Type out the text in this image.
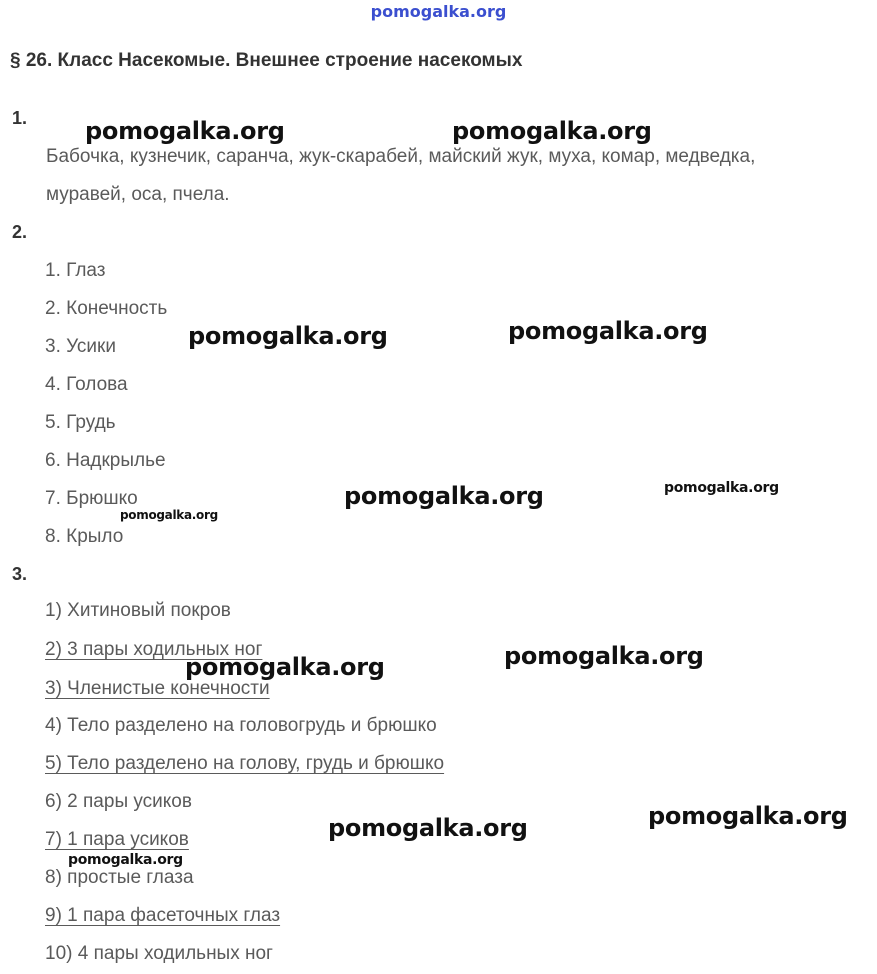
pomogalka.org
§ 26. Класс Насекомые. Внешнее строение насекомых
1.
Бабочка, кузнечик, саранча, жук-скарабей, майский жук, муха, комар, медведка,
муравей, оса, пчела.
2.
1. Глаз
2. Конечность
3. Усики
4. Голова
5. Грудь
6. Надкрылье
7. Брюшко
8. Крыло
3.
1) Хитиновый покров
2) 3 пары ходильных ног
3) Членистые конечности
4) Тело разделено на головогрудь и брюшко
5) Тело разделено на голову, грудь и брюшко
6) 2 пары усиков
7) 1 пара усиков
8) простые глаза
9) 1 пара фасеточных глаз
10) 4 пары ходильных ног
pomogalka.org	pomogalka.org
pomogalka.org	pomogalka.org
pomogalka.org	pomogalka.org
pomogalka.org
pomogalka.org	pomogalka.org
pomogalka.org	pomogalka.org
pomogalka.org
